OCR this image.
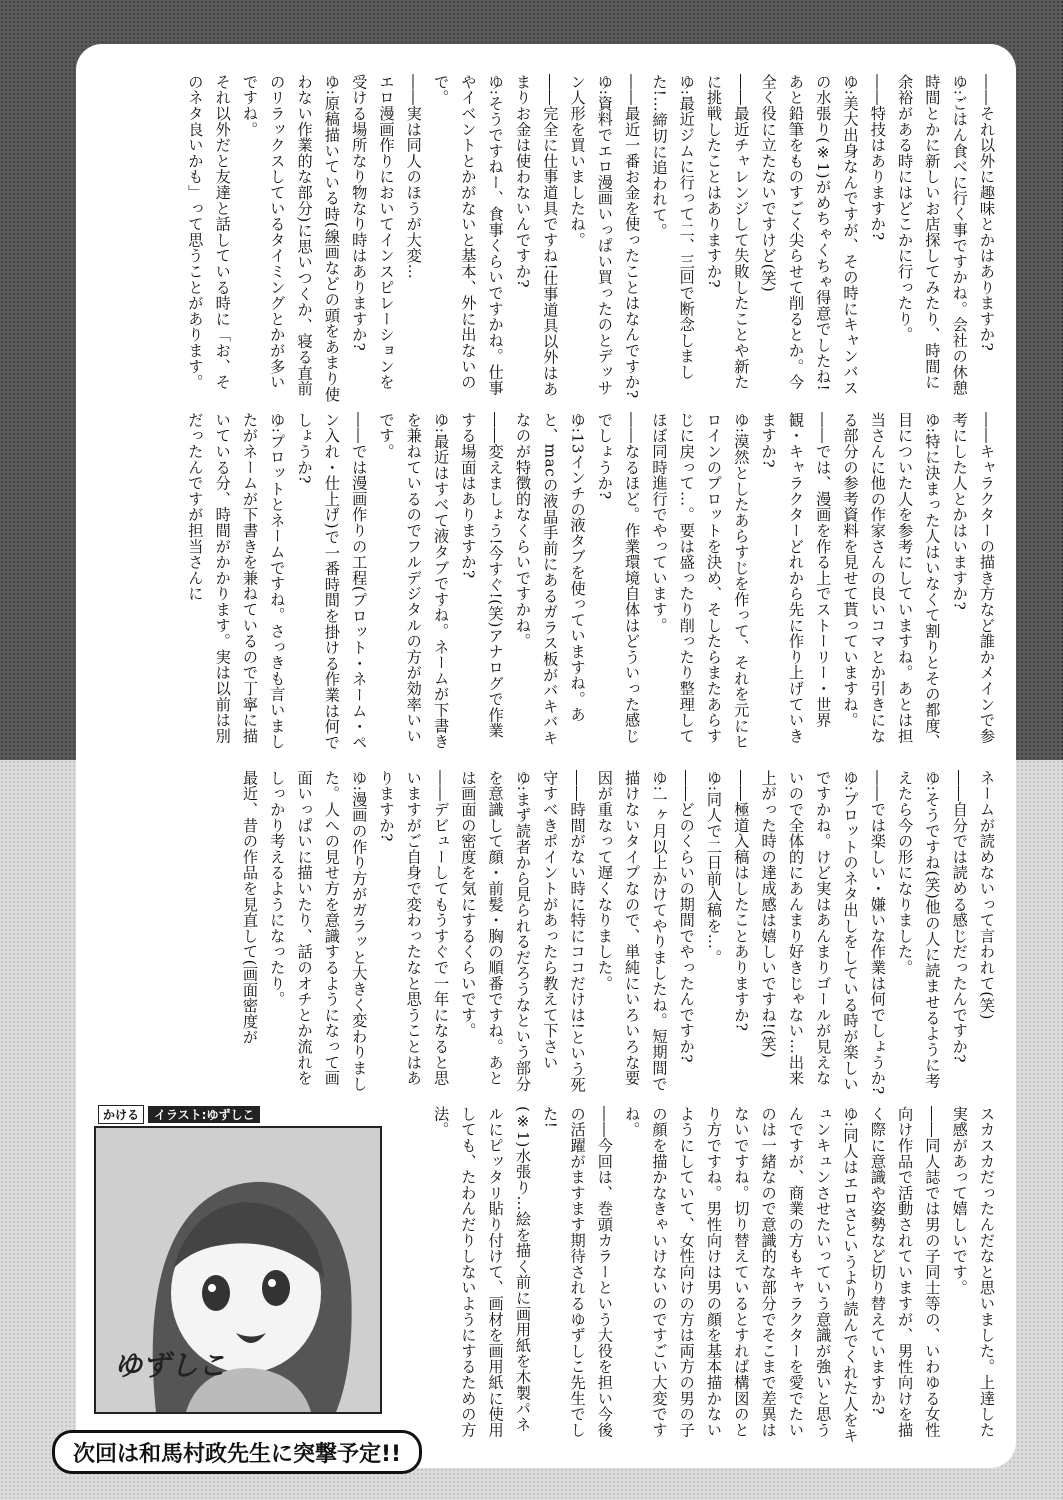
――それ以外に趣味とかはありますか?
ゆ:ごはん食べに行く事ですかね。会社の休憩時間とかに新しいお店探してみたり、時間に余裕がある時にはどこかに行ったり。
――特技はありますか?
ゆ:美大出身なんですが、その時にキャンバスの水張り(※1)がめちゃくちゃ得意でしたね!あと鉛筆をものすごく尖らせて削るとか。今全く役に立たないですけど(笑)
――最近チャレンジして失敗したことや新たに挑戦したことはありますか?
ゆ:最近ジムに行って二、三回で断念しました!…締切に追われて。
――最近一番お金を使ったことはなんですか?
ゆ:資料でエロ漫画いっぱい買ったのとデッサン人形を買いましたね。
――完全に仕事道具ですね!仕事道具以外はあまりお金は使わないんですか?
ゆ:そうですねー、食事くらいですかね。仕事やイベントとかがないと基本、外に出ないので。
――実は同人のほうが大変…
エロ漫画作りにおいてインスピレーションを受ける場所なり物なり時はありますか?
ゆ:原稿描いている時(線画などの頭をあまり使わない作業的な部分)に思いつくか、寝る直前のリラックスしているタイミングとかが多いですね。
それ以外だと友達と話している時に「お、そのネタ良いかも」って思うことがあります。
――キャラクターの描き方など誰かメインで参考にした人とかはいますか?
ゆ:特に決まった人はいなくて割りとその都度、目についた人を参考にしていますね。あとは担当さんに他の作家さんの良いコマとか引きになる部分の参考資料を見せて貰っていますね。
――では、漫画を作る上でストーリー・世界観・キャラクターどれから先に作り上げていきますか?
ゆ:漠然としたあらすじを作って、それを元にヒロインのプロットを決め、そしたらまたあらすじに戻って…。要は盛ったり削ったり整理してほぼ同時進行でやっています。
――なるほど。作業環境自体はどういった感じでしょうか?
ゆ:13インチの液タブを使っていますね。あと、macの液晶手前にあるガラス板がバキバキなのが特徴的なくらいですかね。
――変えましょう!今すぐ!(笑)アナログで作業する場面はありますか?
ゆ:最近はすべて液タブですね。ネームが下書きを兼ねているのでフルデジタルの方が効率いいです。
――では漫画作りの工程(プロット・ネーム・ペン入れ・仕上げ)で一番時間を掛ける作業は何でしょうか?
ゆ:プロットとネームですね。さっきも言いましたがネームが下書きを兼ねているので丁寧に描いている分、時間がかかります。実は以前は別だったんですが担当さんに
ネームが読めないって言われて(笑)
――自分では読める感じだったんですか?
ゆ:そうですね(笑)他の人に読ませるように考えたら今の形になりました。
――では楽しい・嫌いな作業は何でしょうか?
ゆ:プロットのネタ出しをしている時が楽しいですかね。けど実はあんまりゴールが見えないので全体的にあんまり好きじゃない…出来上がった時の達成感は嬉しいですね!(笑)
――極道入稿はしたことありますか?
ゆ:同人で二日前入稿を…。
――どのくらいの期間でやったんですか?
ゆ:一ヶ月以上かけてやりましたね。短期間で描けないタイプなので、単純にいろいろな要因が重なって遅くなりました。
――時間がない時に特にココだけは!という死守すべきポイントがあったら教えて下さい
ゆ:まず読者から見られるだろうなという部分を意識して顔・前髪・胸の順番ですね。あとは画面の密度を気にするくらいです。
――デビューしてもうすぐで一年になると思いますがご自身で変わったなと思うことはありますか?
ゆ:漫画の作り方がガラッと大きく変わりました。人への見せ方を意識するようになって画面いっぱいに描いたり、話のオチとか流れをしっかり考えるようになったり。
最近、昔の作品を見直して(画面密度が
スカスカだったんだなと思いました。上達した実感があって嬉しいです。
――同人誌では男の子同士等の、いわゆる女性向け作品で活動されていますが、男性向けを描く際に意識や姿勢など切り替えていますか?
ゆ:同人はエロさというより読んでくれた人をキュンキュンさせたいっていう意識が強いと思うんですが、商業の方もキャラクターを愛でたいのは一緒なので意識的な部分でそこまで差異はないですね。切り替えているとすれば構図のとり方ですね。男性向けは男の顔を基本描かないようにしていて、女性向けの方は両方の男の子の顔を描かなきゃいけないのですごい大変ですね。
――今回は、巻頭カラーという大役を担い今後の活躍がますます期待されるゆずしこ先生でした!
(※1)水張り…絵を描く前に画用紙を木製パネルにピッタリ貼り付けて、画材を画用紙に使用しても、たわんだりしないようにするための方法。
かける	イラスト:ゆずしこ
ゆずしこ
次回は和馬村政先生に突撃予定!!
